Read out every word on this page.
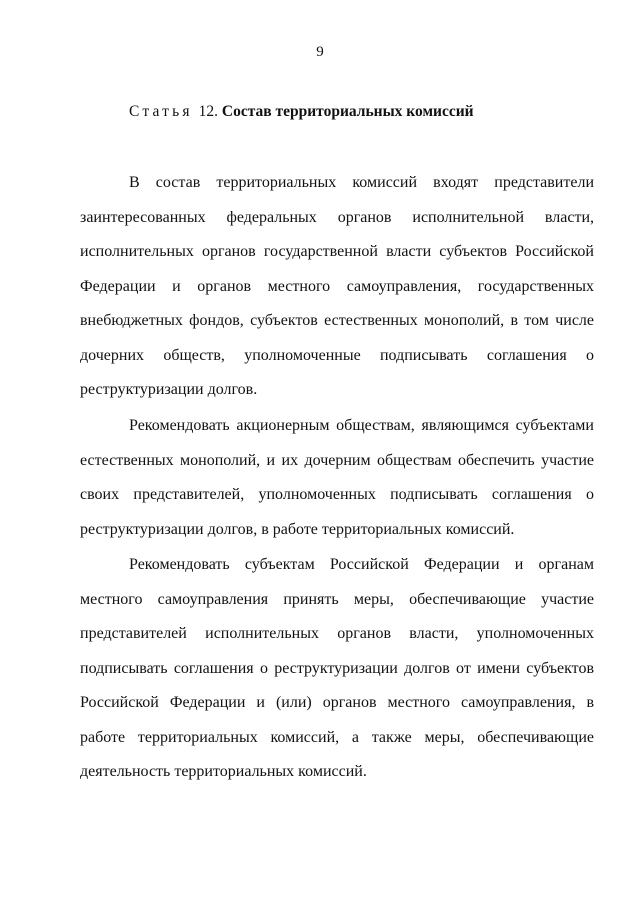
9
Статья 12. Состав территориальных комиссий

В состав территориальных комиссий входят представители заинтересованных федеральных органов исполнительной власти, исполнительных органов государственной власти субъектов Российской Федерации и органов местного самоуправления, государственных внебюджетных фондов, субъектов естественных монополий, в том числе дочерних обществ, уполномоченные подписывать соглашения о реструктуризации долгов.

Рекомендовать акционерным обществам, являющимся субъектами естественных монополий, и их дочерним обществам обеспечить участие своих представителей, уполномоченных подписывать соглашения о реструктуризации долгов, в работе территориальных комиссий.

Рекомендовать субъектам Российской Федерации и органам местного самоуправления принять меры, обеспечивающие участие представителей исполнительных органов власти, уполномоченных подписывать соглашения о реструктуризации долгов от имени субъектов Российской Федерации и (или) органов местного самоуправления, в работе территориальных комиссий, а также меры, обеспечивающие деятельность территориальных комиссий.
